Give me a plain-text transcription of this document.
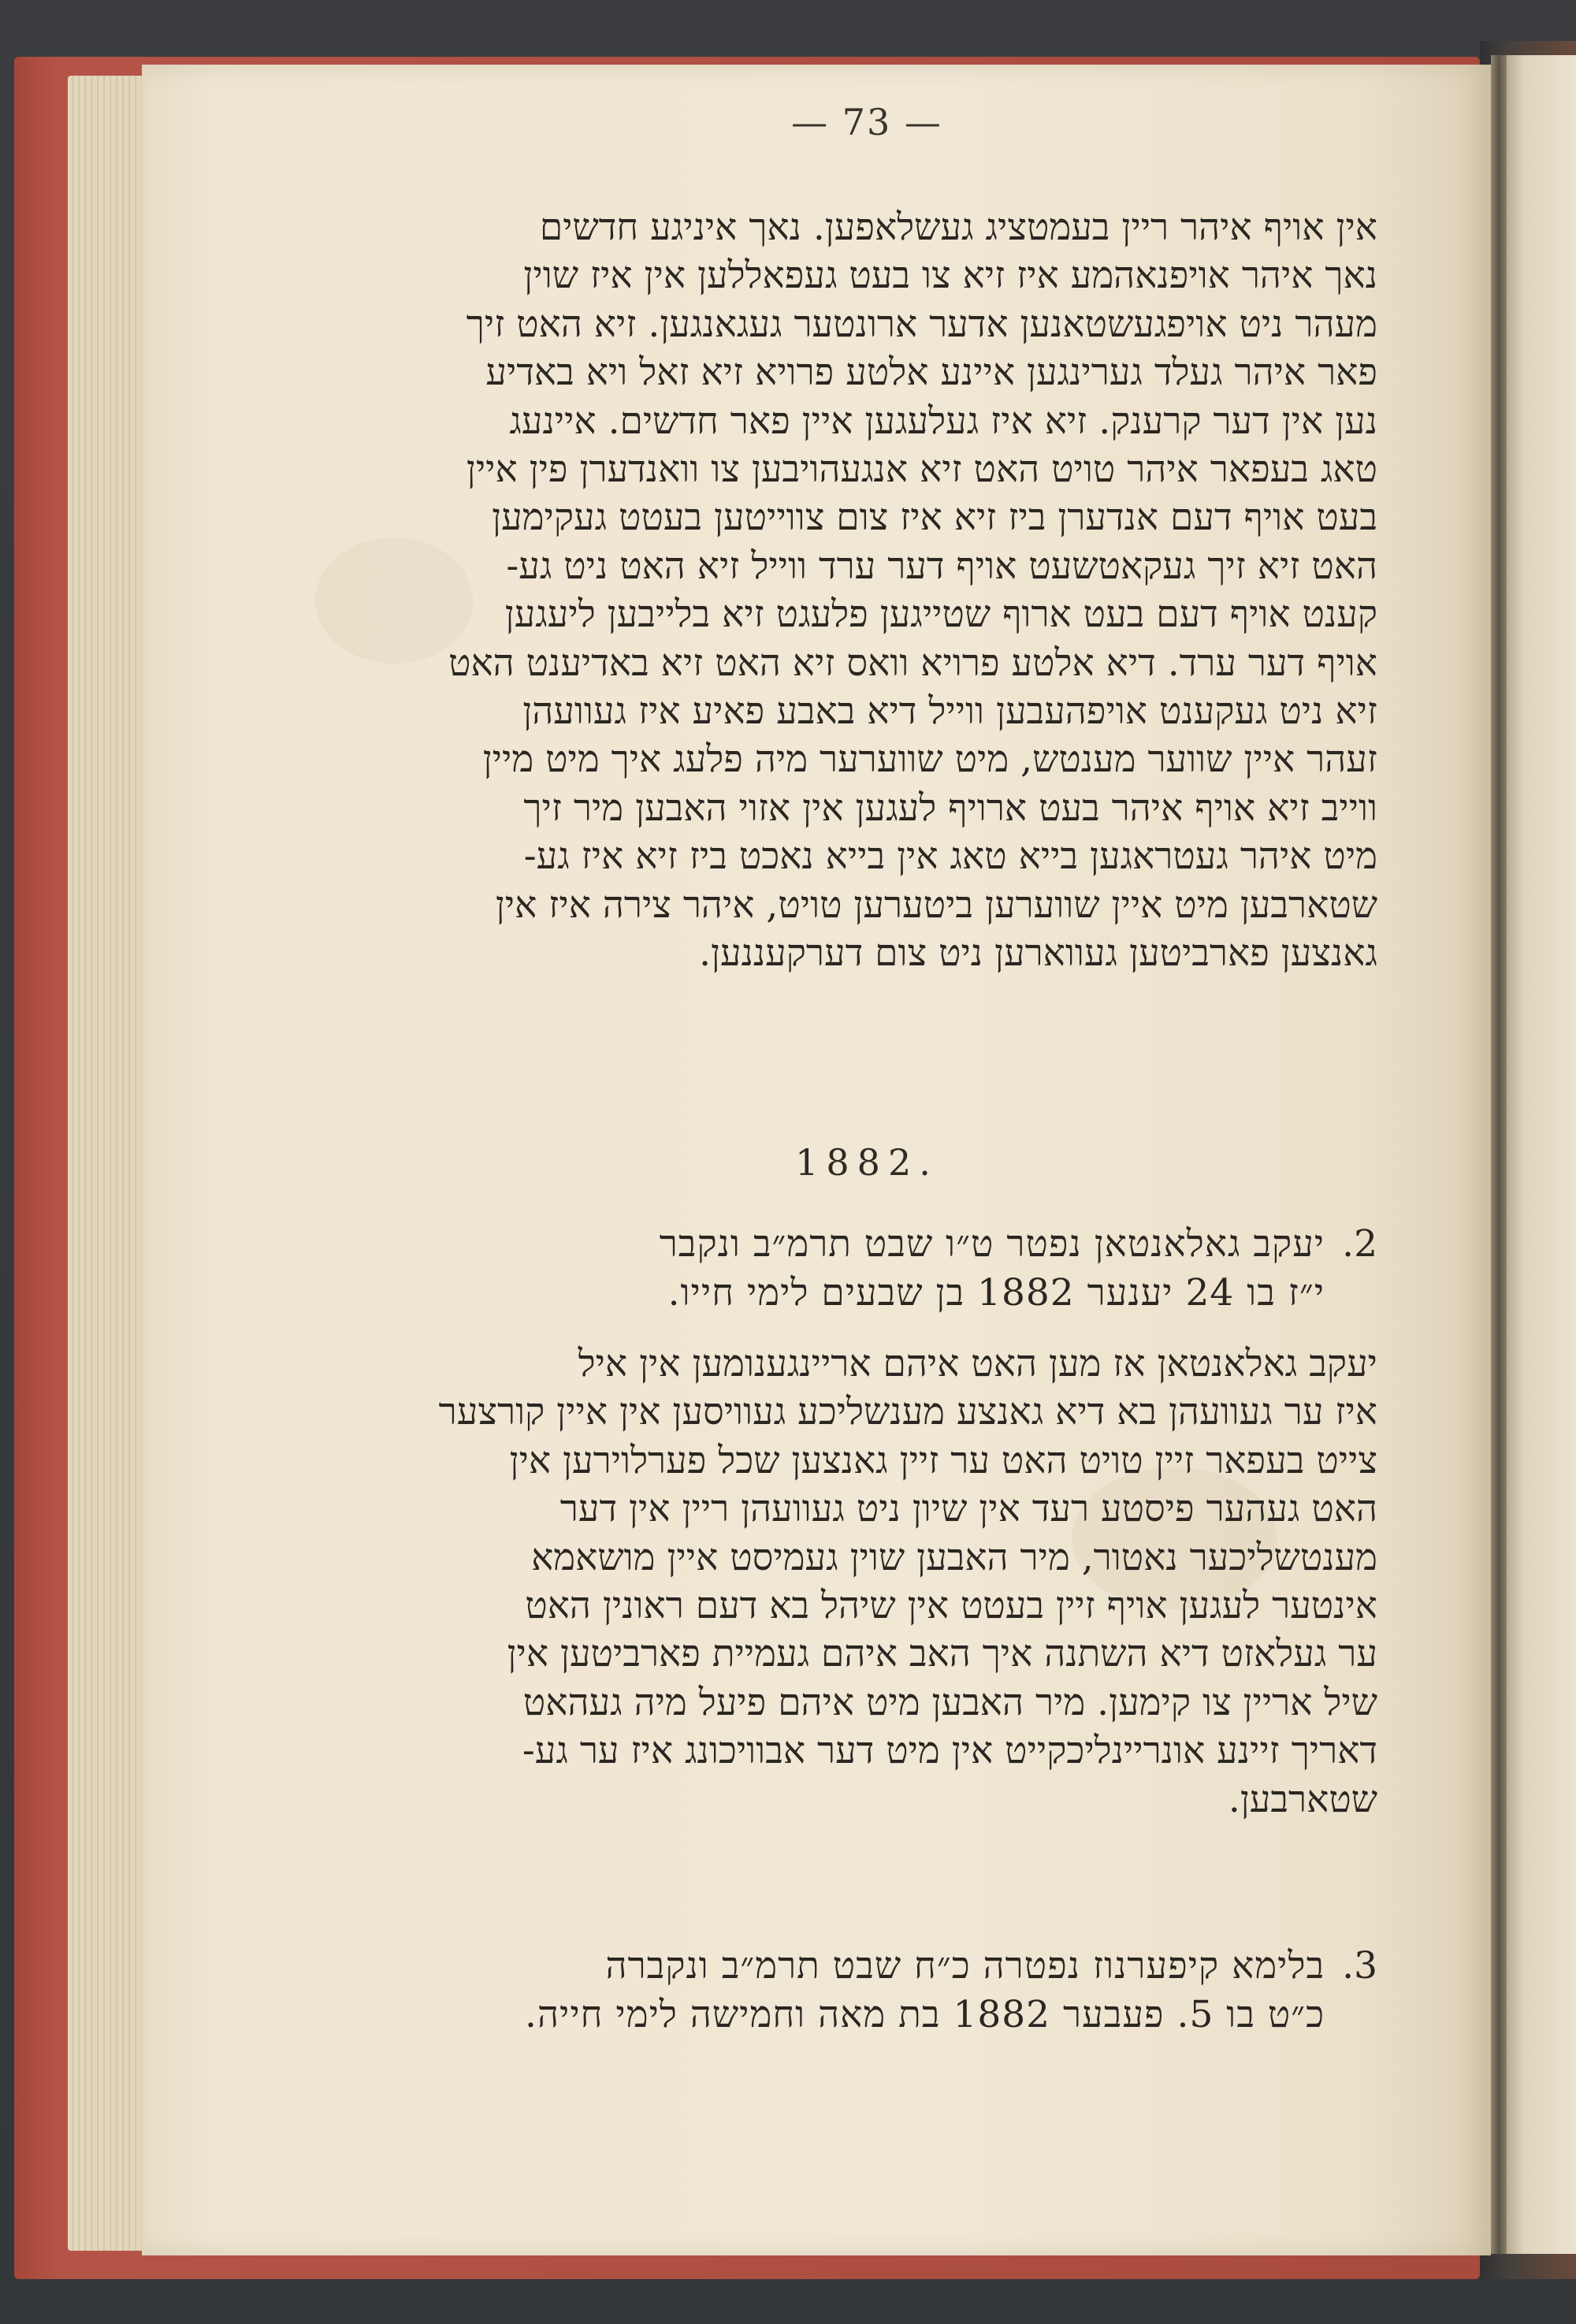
— 73 —

אין אויף איהר ריין בעמטציג געשלאפען. נאך איניגע חדשים
נאך איהר אויפנאהמע איז זיא צו בעט געפאללען אין איז שוין
מעהר ניט אויפגעשטאנען אדער ארונטער געגאנגען. זיא האט זיך
פאר איהר געלד גערינגען איינע אלטע פרויא זיא זאל ויא באדיע
נען אין דער קרענק. זיא איז געלעגען איין פאר חדשים. איינעג
טאג בעפאר איהר טויט האט זיא אנגעהויבען צו וואנדערן פין איין
בעט אויף דעם אנדערן ביז זיא איז צום צווייטען בעטט געקימען
האט זיא זיך געקאטשעט אויף דער ערד ווייל זיא האט ניט גע-
קענט אויף דעם בעט ארוף שטייגען פלעגט זיא בלייבען ליעגען
אויף דער ערד. דיא אלטע פרויא וואס זיא האט זיא באדיענט האט
זיא ניט געקענט אויפהעבען ווייל דיא באבע פאיע איז געוועהן
זעהר איין שווער מענטש, מיט שווערער מיה פלעג איך מיט מיין
ווייב זיא אויף איהר בעט ארויף לעגען אין אזוי האבען מיר זיך
מיט איהר געטראגען בייא טאג אין בייא נאכט ביז זיא איז גע-
שטארבען מיט איין שווערען ביטערען טויט, איהר צירה איז אין
גאנצען פארביטען געווארען ניט צום דערקעננען.

1882.
2.

יעקב גאלאנטאן נפטר ט״ו שבט תרמ״ב ונקבר
י״ז בו 24 יענער 1882 בן שבעים לימי חייו.

יעקב גאלאנטאן אז מען האט איהם אריינגענומען אין איל
איז ער געוועהן בא דיא גאנצע מענשליכע געוויסען אין איין קורצער
צייט בעפאר זיין טויט האט ער זיין גאנצען שכל פערלוירען אין
האט געהער פיסטע רעד אין שיון ניט געוועהן ריין אין דער
מענטשליכער נאטור, מיר האבען שוין געמיסט איין מושאמא
אינטער לעגען אויף זיין בעטט אין שיהל בא דעם ראונין האט
ער געלאזט דיא השתנה איך האב איהם געמיית פארביטען אין
שיל אריין צו קימען. מיר האבען מיט איהם פיעל מיה געהאט
דאריך זיינע אונריינליכקייט אין מיט דער אבוויכונג איז ער גע-
שטארבען.

3.

בלימא קיפערנוז נפטרה כ״ח שבט תרמ״ב ונקברה
כ״ט בו 5. פעבער 1882 בת מאה וחמישה לימי חייה.
